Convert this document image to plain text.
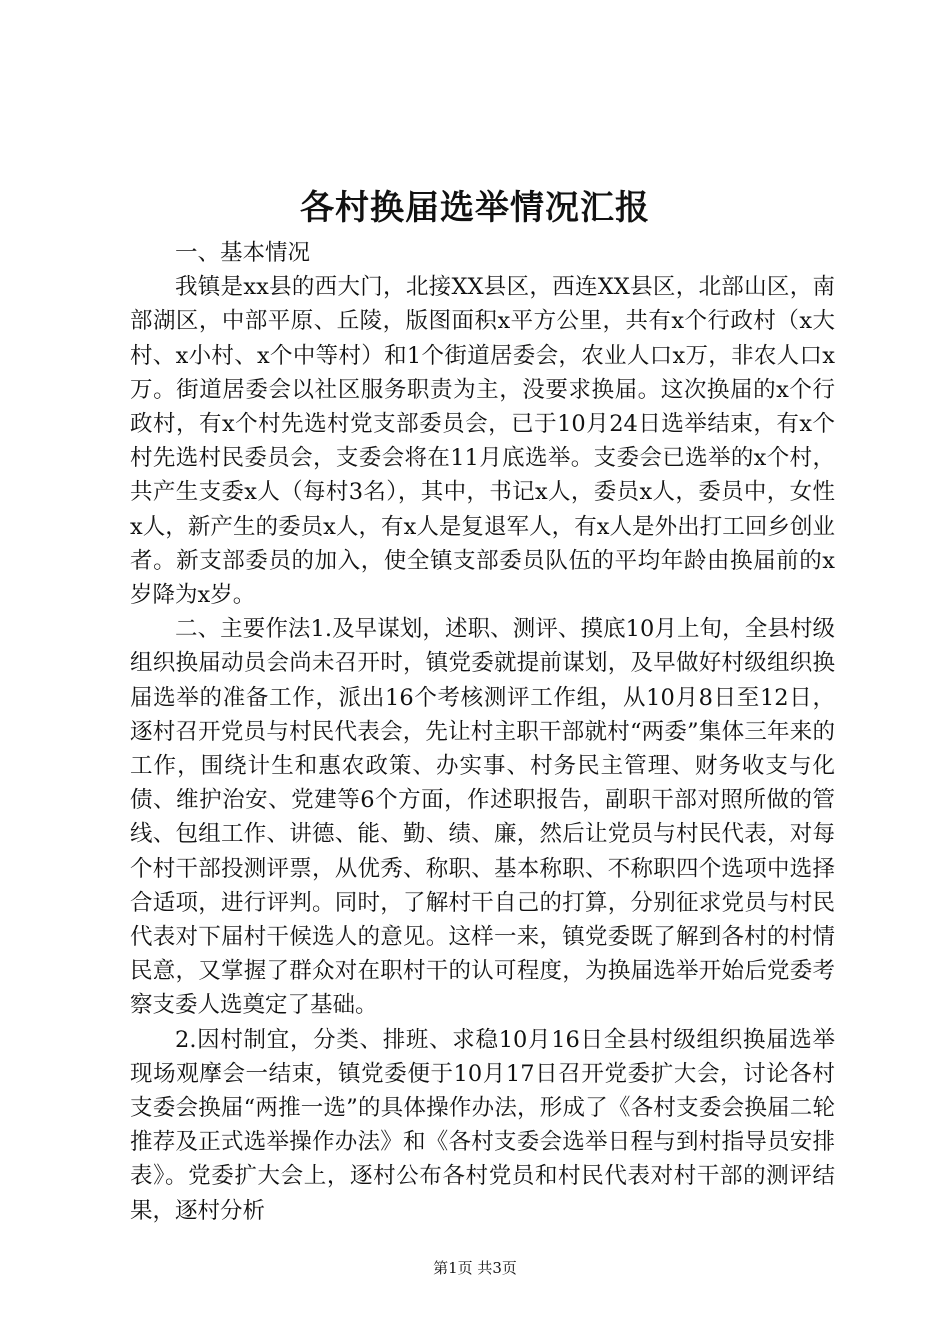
各村换届选举情况汇报

一、基本情况

我镇是xx县的西大门，北接XX县区，西连XX县区，北部山区，南部湖区，中部平原、丘陵，版图面积x平方公里，共有x个行政村（x大村、x小村、x个中等村）和1个街道居委会，农业人口x万，非农人口x万。街道居委会以社区服务职责为主，没要求换届。这次换届的x个行政村，有x个村先选村党支部委员会，已于10月24日选举结束，有x个村先选村民委员会，支委会将在11月底选举。支委会已选举的x个村，共产生支委x人（每村3名），其中，书记x人，委员x人，委员中，女性x人，新产生的委员x人，有x人是复退军人，有x人是外出打工回乡创业者。新支部委员的加入，使全镇支部委员队伍的平均年龄由换届前的x岁降为x岁。

二、主要作法1.及早谋划，述职、测评、摸底10月上旬，全县村级组织换届动员会尚未召开时，镇党委就提前谋划，及早做好村级组织换届选举的准备工作，派出16个考核测评工作组，从10月8日至12日，逐村召开党员与村民代表会，先让村主职干部就村“两委”集体三年来的工作，围绕计生和惠农政策、办实事、村务民主管理、财务收支与化债、维护治安、党建等6个方面，作述职报告，副职干部对照所做的管线、包组工作、讲德、能、勤、绩、廉，然后让党员与村民代表，对每个村干部投测评票，从优秀、称职、基本称职、不称职四个选项中选择合适项，进行评判。同时，了解村干自己的打算，分别征求党员与村民代表对下届村干候选人的意见。这样一来，镇党委既了解到各村的村情民意，又掌握了群众对在职村干的认可程度，为换届选举开始后党委考察支委人选奠定了基础。

2.因村制宜，分类、排班、求稳10月16日全县村级组织换届选举现场观摩会一结束，镇党委便于10月17日召开党委扩大会，讨论各村支委会换届“两推一选”的具体操作办法，形成了《各村支委会换届二轮推荐及正式选举操作办法》和《各村支委会选举日程与到村指导员安排表》。党委扩大会上，逐村公布各村党员和村民代表对村干部的测评结果，逐村分析

第1页 共3页
